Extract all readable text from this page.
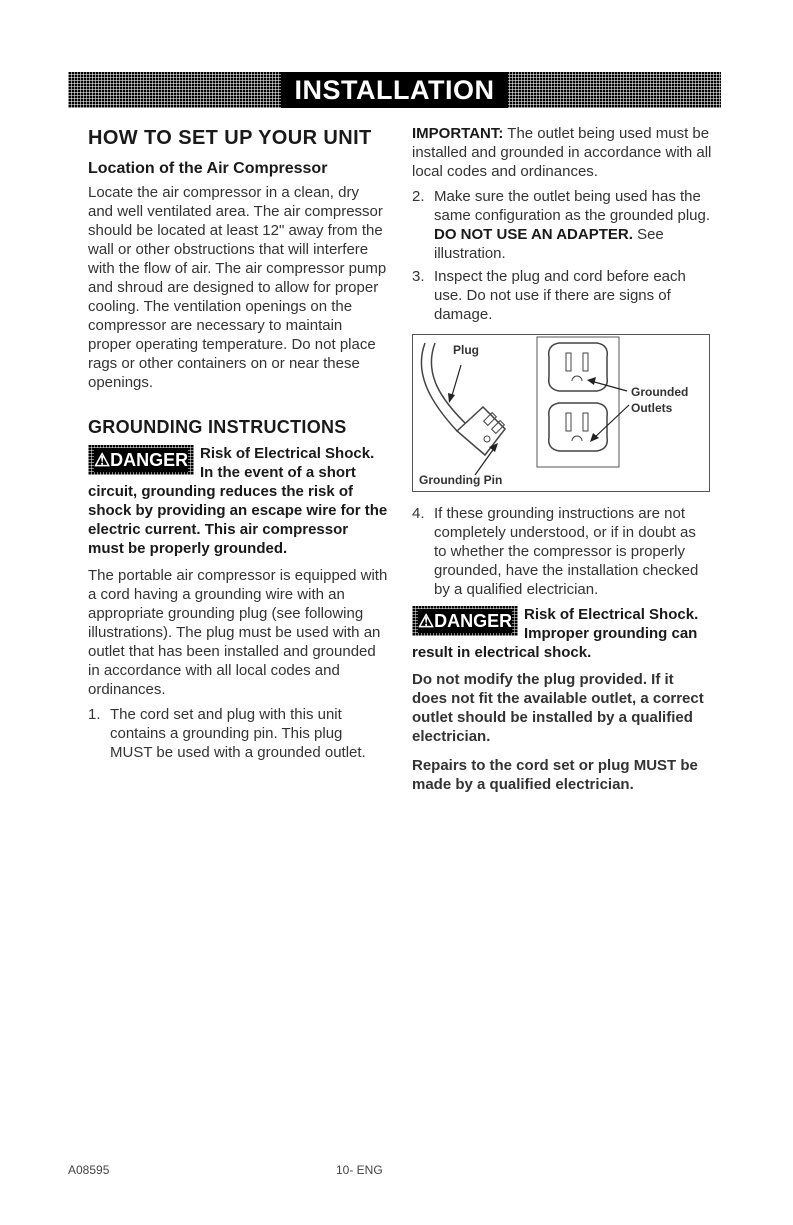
INSTALLATION
HOW TO SET UP YOUR UNIT
Location of the Air Compressor

Locate the air compressor in a clean, dry and well ventilated area. The air compressor should be located at least 12" away from the wall or other obstructions that will interfere with the flow of air. The air compressor pump and shroud are designed to allow for proper cooling. The ventilation openings on the compressor are necessary to maintain proper operating temperature. Do not place rags or other containers on or near these openings.

GROUNDING INSTRUCTIONS
⚠DANGER Risk of Electrical Shock. In the event of a short circuit, grounding reduces the risk of shock by providing an escape wire for the electric current. This air compressor must be properly grounded.

The portable air compressor is equipped with a cord having a grounding wire with an appropriate grounding plug (see following illustrations). The plug must be used with an outlet that has been installed and grounded in accordance with all local codes and ordinances.

1. The cord set and plug with this unit contains a grounding pin. This plug MUST be used with a grounded outlet.

IMPORTANT: The outlet being used must be installed and grounded in accordance with all local codes and ordinances.

2. Make sure the outlet being used has the same configuration as the grounded plug. DO NOT USE AN ADAPTER. See illustration.
3. Inspect the plug and cord before each use. Do not use if there are signs of damage.
Plug
Grounded
Outlets
Grounding Pin
4. If these grounding instructions are not completely understood, or if in doubt as to whether the compressor is properly grounded, have the installation checked by a qualified electrician.
⚠DANGER Risk of Electrical Shock. Improper grounding can result in electrical shock.

Do not modify the plug provided. If it does not fit the available outlet, a correct outlet should be installed by a qualified electrician.

Repairs to the cord set or plug MUST be made by a qualified electrician.

A08595	10- ENG
